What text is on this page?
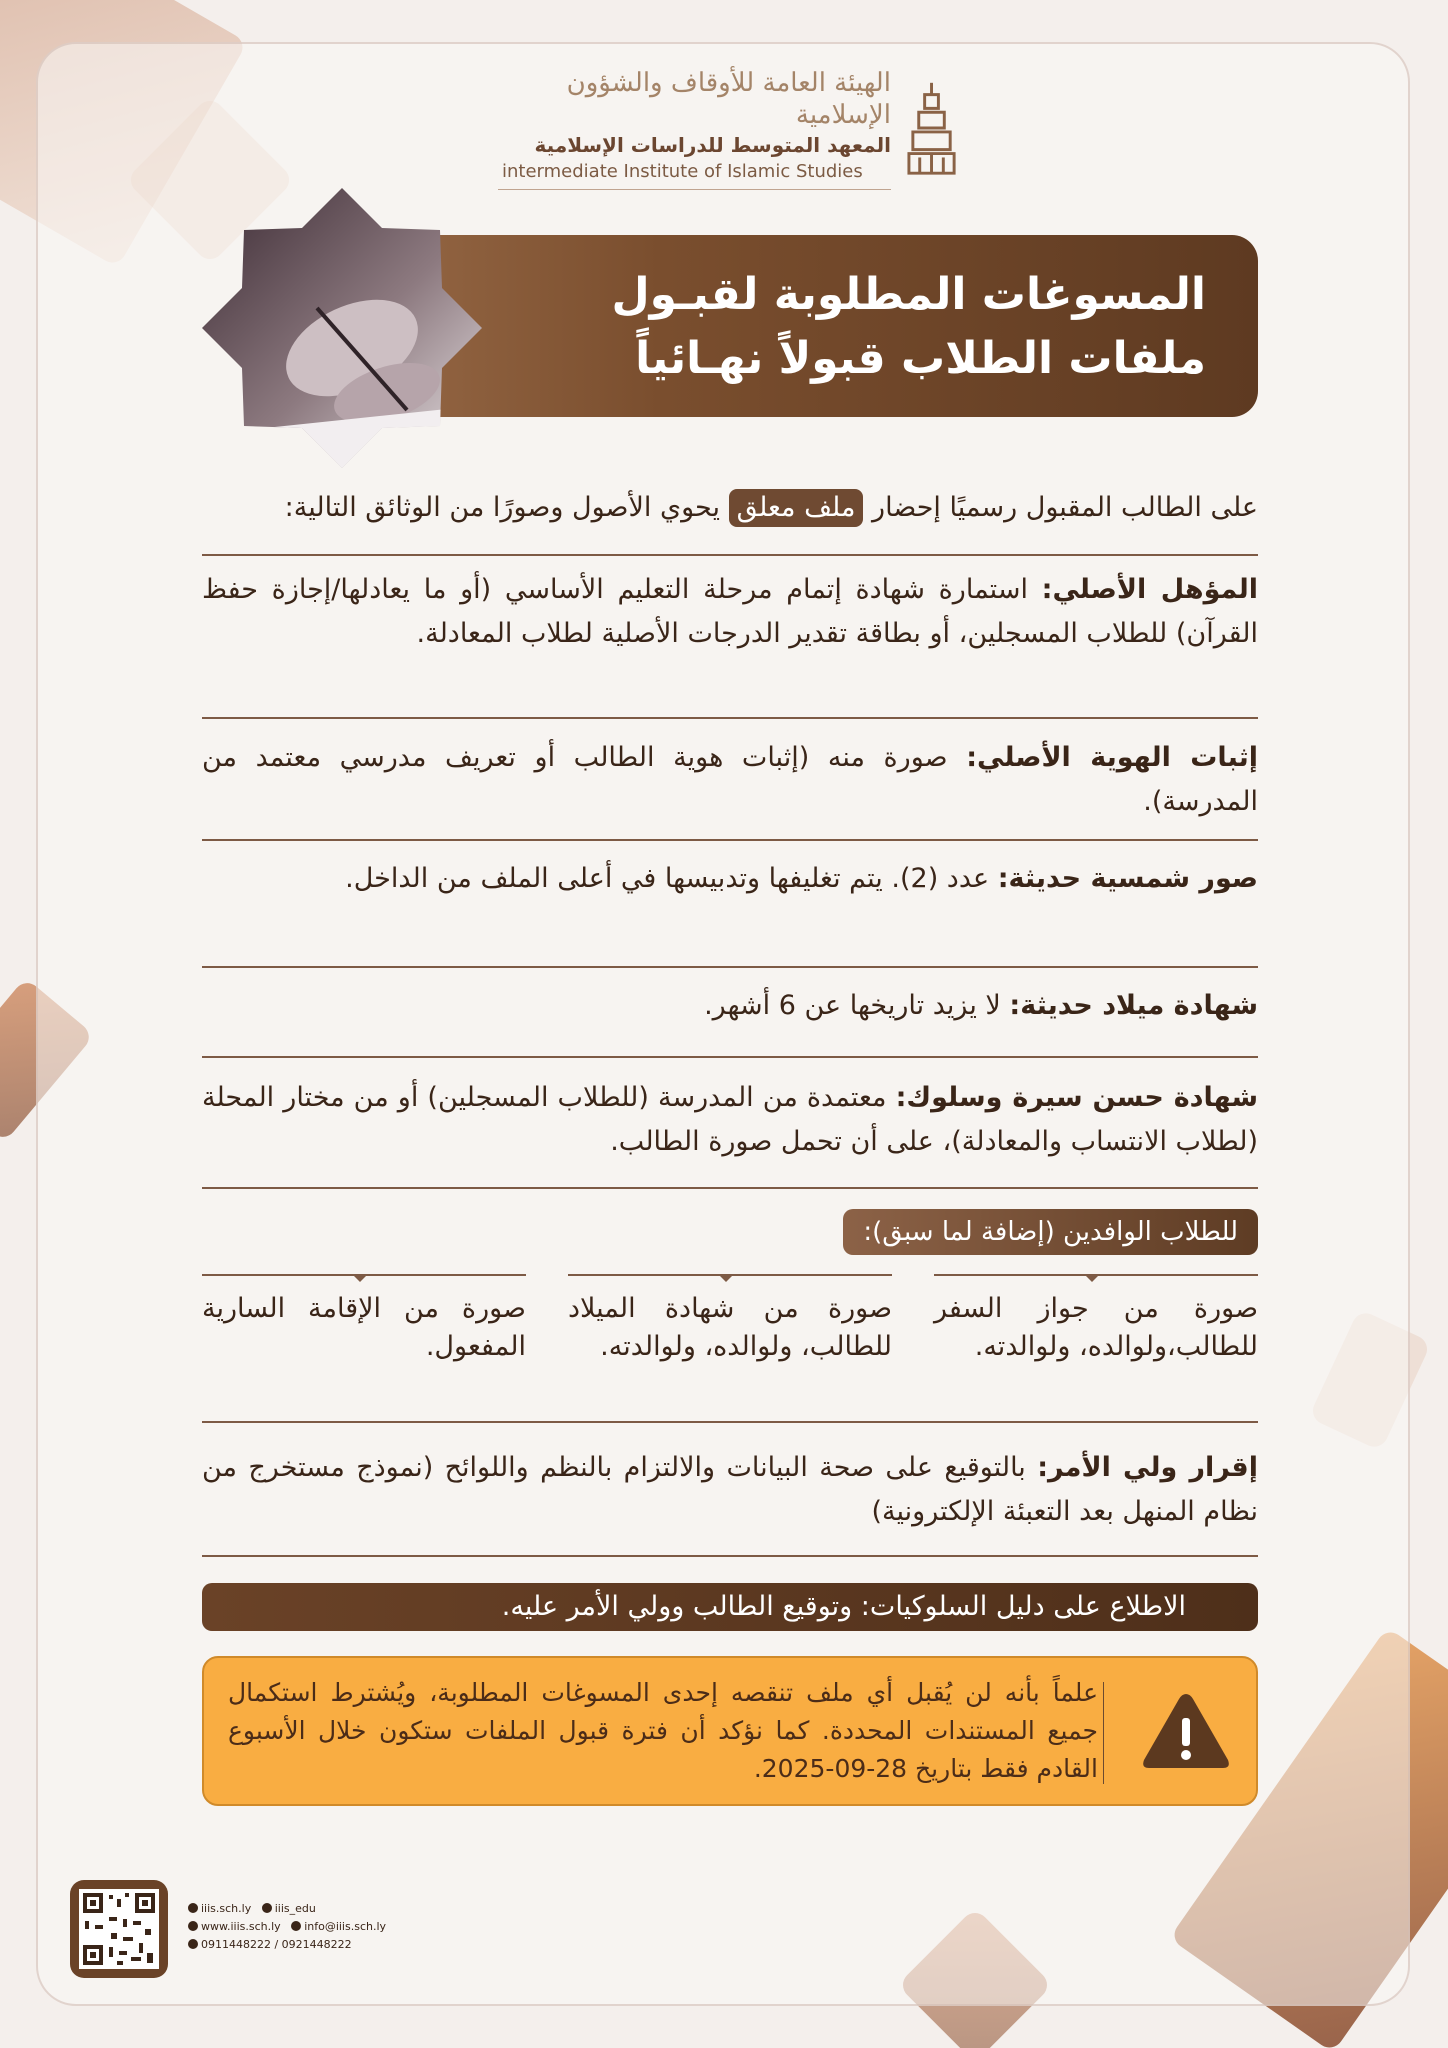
الهيئة العامة للأوقاف والشؤون الإسلامية
المعهد المتوسط للدراسات الإسلامية
intermediate Institute of Islamic Studies
المسوغات المطلوبة لقبـول
ملفات الطلاب قبولاً نهـائياً
على الطالب المقبول رسميًا إحضار ملف معلق يحوي الأصول وصورًا من الوثائق التالية:
المؤهل الأصلي: استمارة شهادة إتمام مرحلة التعليم الأساسي (أو ما يعادلها/إجازة حفظ القرآن) للطلاب المسجلين، أو بطاقة تقدير الدرجات الأصلية لطلاب المعادلة.
إثبات الهوية الأصلي: صورة منه (إثبات هوية الطالب أو تعريف مدرسي معتمد من المدرسة).
صور شمسية حديثة: عدد (2). يتم تغليفها وتدبيسها في أعلى الملف من الداخل.
شهادة ميلاد حديثة: لا يزيد تاريخها عن 6 أشهر.
شهادة حسن سيرة وسلوك: معتمدة من المدرسة (للطلاب المسجلين) أو من مختار المحلة (لطلاب الانتساب والمعادلة)، على أن تحمل صورة الطالب.
للطلاب الوافدين (إضافة لما سبق):
صورة من جواز السفر للطالب،ولوالده، ولوالدته.
صورة من شهادة الميلاد للطالب، ولوالده، ولوالدته.
صورة من الإقامة السارية المفعول.
إقرار ولي الأمر: بالتوقيع على صحة البيانات والالتزام بالنظم واللوائح (نموذج مستخرج من نظام المنهل بعد التعبئة الإلكترونية)
الاطلاع على دليل السلوكيات: وتوقيع الطالب وولي الأمر عليه.
علماً بأنه لن يُقبل أي ملف تنقصه إحدى المسوغات المطلوبة، ويُشترط استكمال جميع المستندات المحددة. كما نؤكد أن فترة قبول الملفات ستكون خلال الأسبوع القادم فقط بتاريخ 28-09-2025.
iiis.sch.ly iiis_edu
www.iiis.sch.ly info@iiis.sch.ly
0911448222 / 0921448222
